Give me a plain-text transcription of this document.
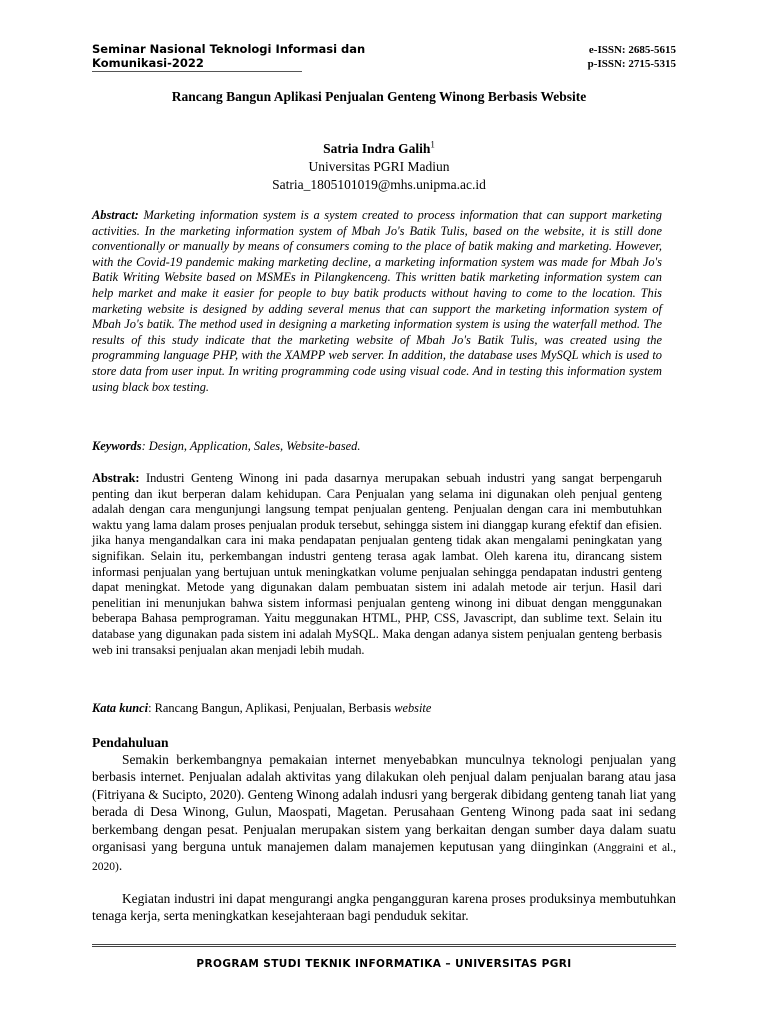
Seminar Nasional Teknologi Informasi dan Komunikasi-2022
e-ISSN: 2685-5615
p-ISSN: 2715-5315
Rancang Bangun Aplikasi Penjualan Genteng Winong Berbasis Website
Satria Indra Galih$^1$
Universitas PGRI Madiun
Satria_1805101019@mhs.unipma.ac.id
Abstract: Marketing information system is a system created to process information that can support marketing activities. In the marketing information system of Mbah Jo's Batik Tulis, based on the website, it is still done conventionally or manually by means of consumers coming to the place of batik making and marketing. However, with the Covid-19 pandemic making marketing decline, a marketing information system was made for Mbah Jo's Batik Writing Website based on MSMEs in Pilangkenceng. This written batik marketing information system can help market and make it easier for people to buy batik products without having to come to the location. This marketing website is designed by adding several menus that can support the marketing information system of Mbah Jo's batik. The method used in designing a marketing information system is using the waterfall method. The results of this study indicate that the marketing website of Mbah Jo's Batik Tulis, was created using the programming language PHP, with the XAMPP web server. In addition, the database uses MySQL which is used to store data from user input. In writing programming code using visual code. And in testing this information system using black box testing.
Keywords: Design, Application, Sales, Website-based.
Abstrak: Industri Genteng Winong ini pada dasarnya merupakan sebuah industri yang sangat berpengaruh penting dan ikut berperan dalam kehidupan. Cara Penjualan yang selama ini digunakan oleh penjual genteng adalah dengan cara mengunjungi langsung tempat penjualan genteng. Penjualan dengan cara ini membutuhkan waktu yang lama dalam proses penjualan produk tersebut, sehingga sistem ini dianggap kurang efektif dan efisien. jika hanya mengandalkan cara ini maka pendapatan penjualan genteng tidak akan mengalami peningkatan yang signifikan. Selain itu, perkembangan industri genteng terasa agak lambat. Oleh karena itu, dirancang sistem informasi penjualan yang bertujuan untuk meningkatkan volume penjualan sehingga pendapatan industri genteng dapat meningkat. Metode yang digunakan dalam pembuatan sistem ini adalah metode air terjun. Hasil dari penelitian ini menunjukan bahwa sistem informasi penjualan genteng winong ini dibuat dengan menggunakan beberapa Bahasa pemprograman. Yaitu meggunakan HTML, PHP, CSS, Javascript, dan sublime text. Selain itu database yang digunakan pada sistem ini adalah MySQL. Maka dengan adanya sistem penjualan genteng berbasis web ini transaksi penjualan akan menjadi lebih mudah.
Kata kunci: Rancang Bangun, Aplikasi, Penjualan, Berbasis website
Pendahuluan

Semakin berkembangnya pemakaian internet menyebabkan munculnya teknologi penjualan yang berbasis internet. Penjualan adalah aktivitas yang dilakukan oleh penjual dalam penjualan barang atau jasa (Fitriyana & Sucipto, 2020). Genteng Winong adalah indusri yang bergerak dibidang genteng tanah liat yang berada di Desa Winong, Gulun, Maospati, Magetan. Perusahaan Genteng Winong pada saat ini sedang berkembang dengan pesat. Penjualan merupakan sistem yang berkaitan dengan sumber daya dalam suatu organisasi yang berguna untuk manajemen dalam manajemen keputusan yang diinginkan (Anggraini et al., 2020).

Kegiatan industri ini dapat mengurangi angka pengangguran karena proses produksinya membutuhkan tenaga kerja, serta meningkatkan kesejahteraan bagi penduduk sekitar.

PROGRAM STUDI TEKNIK INFORMATIKA – UNIVERSITAS PGRI
